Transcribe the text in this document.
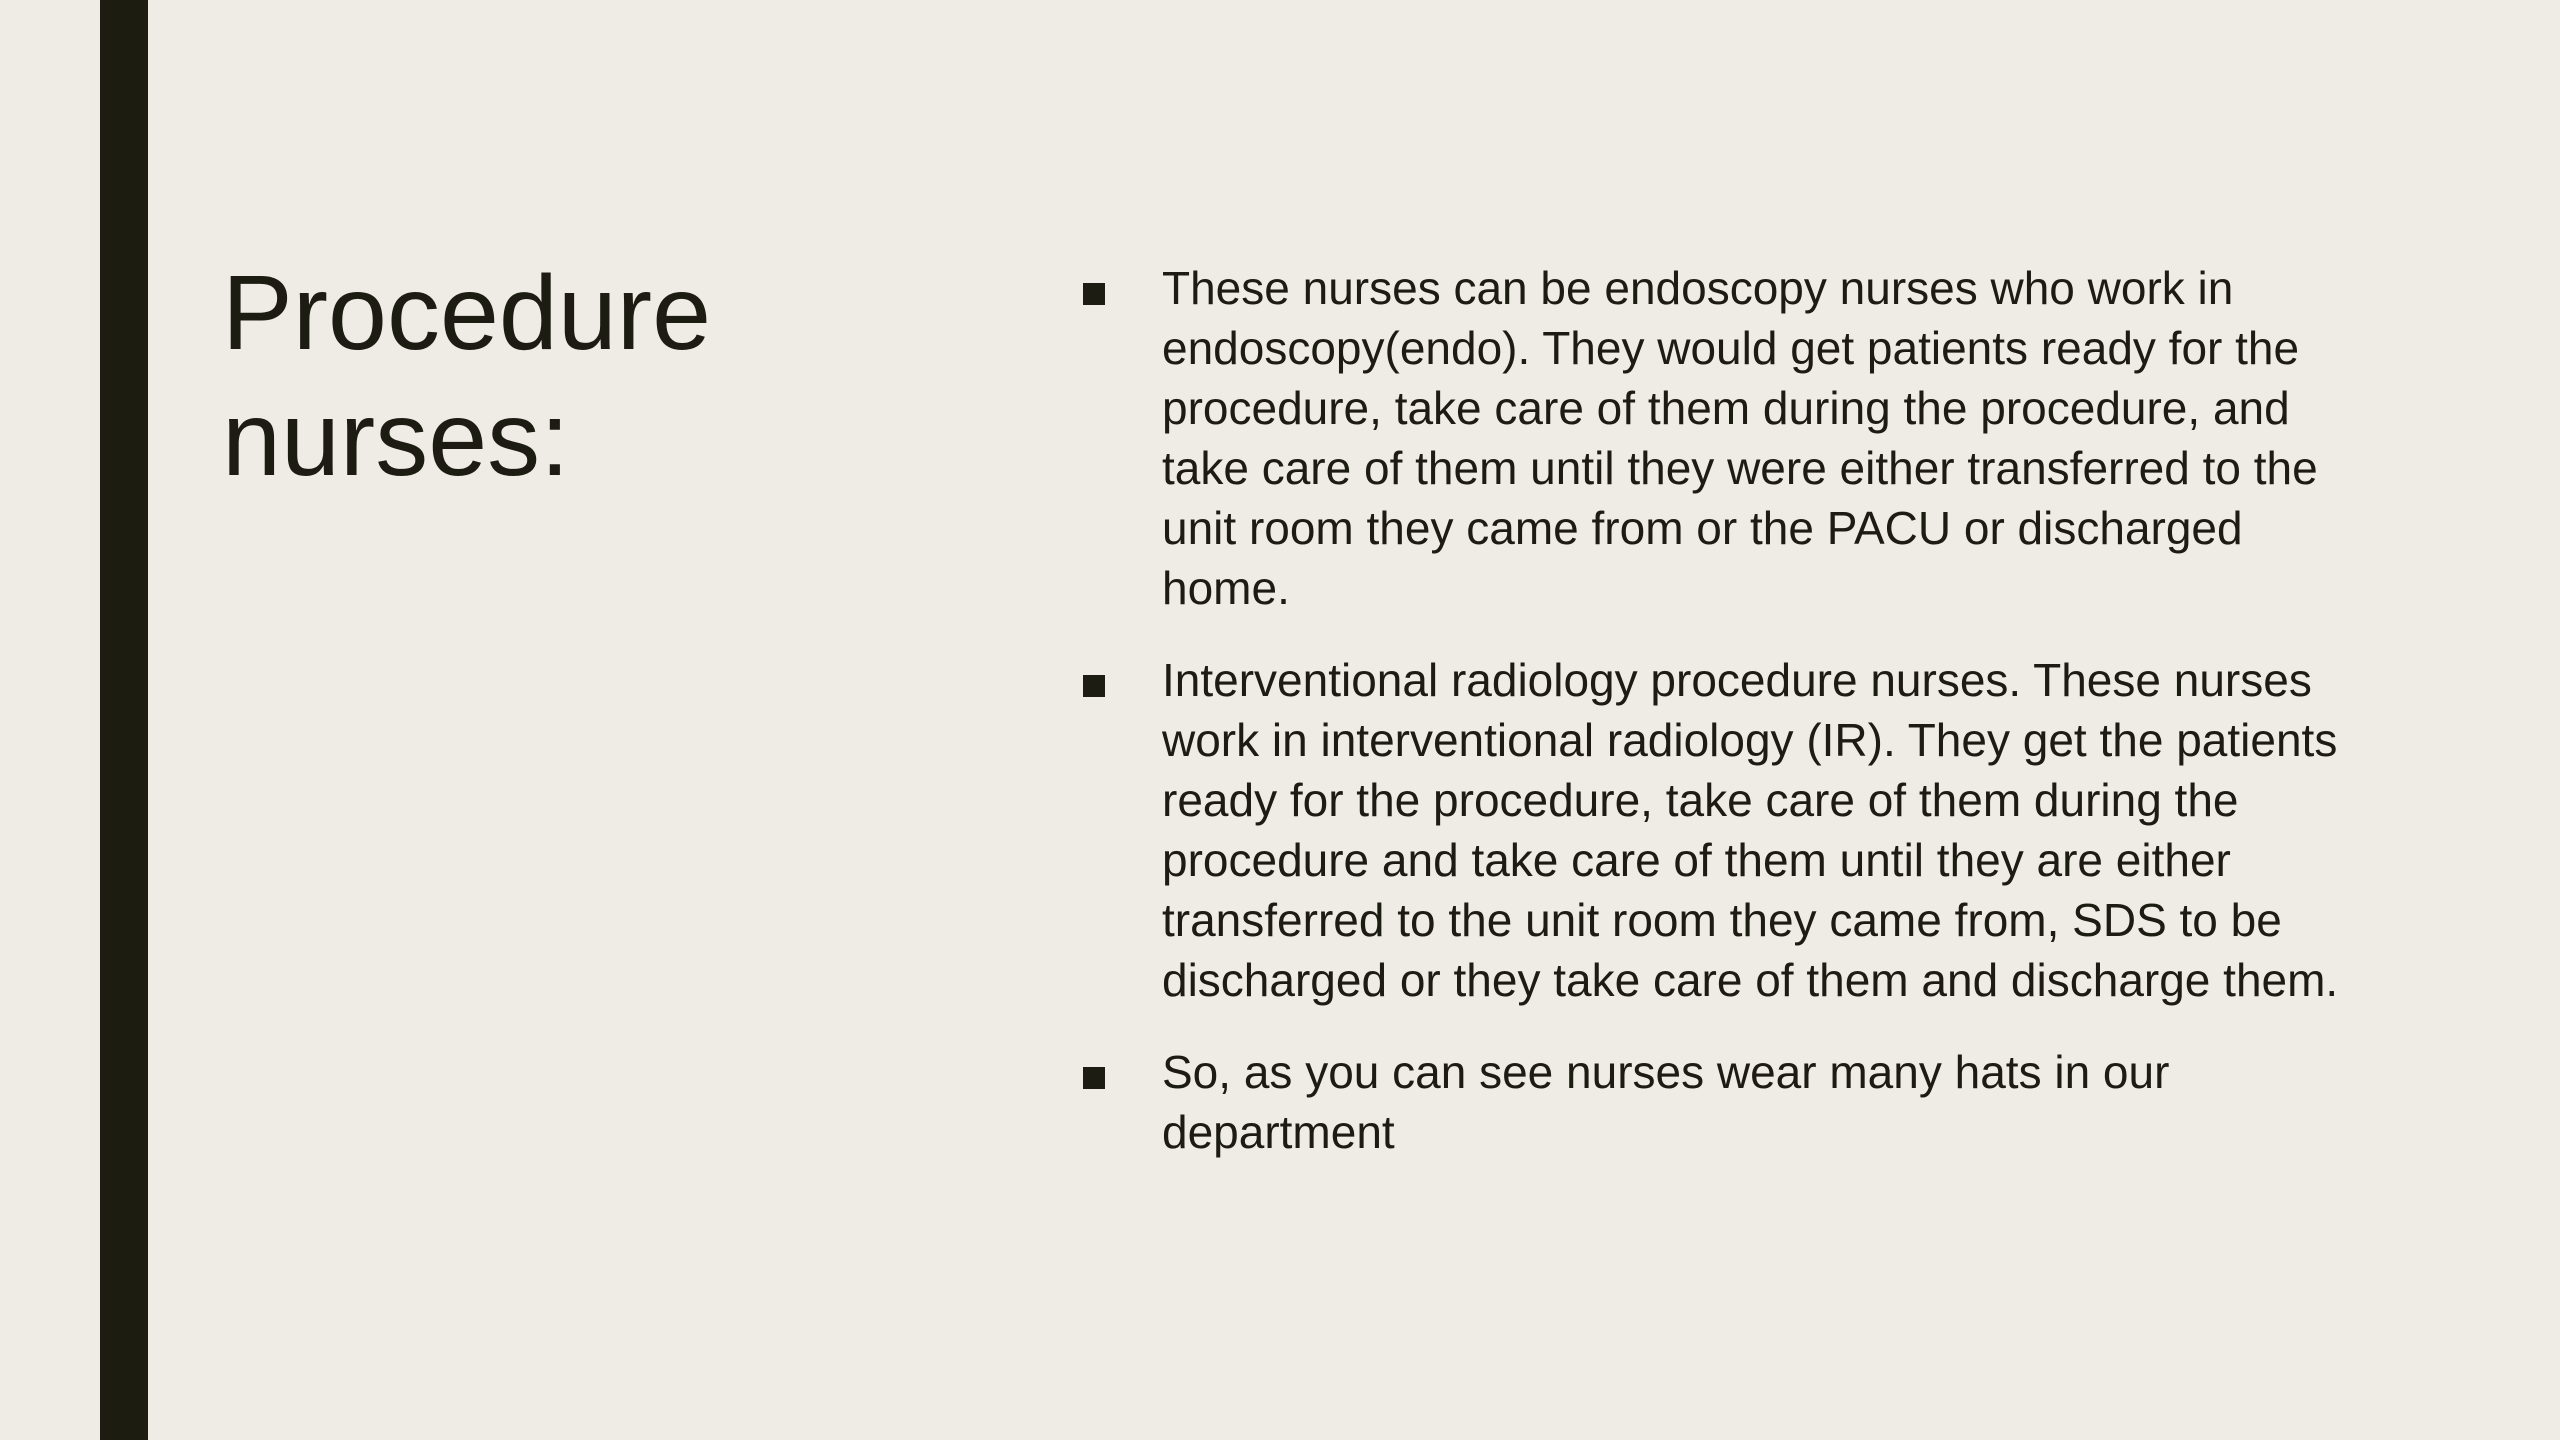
Procedure nurses:
These nurses can be endoscopy nurses who work in endoscopy(endo). They would get patients ready for the procedure, take care of them during the procedure, and take care of them until they were either transferred to the unit room they came from or the PACU or discharged home.
Interventional radiology procedure nurses. These nurses work in interventional radiology (IR). They get the patients ready for the procedure, take care of them during the procedure and take care of them until they are either transferred to the unit room they came from, SDS to be discharged or they take care of them and discharge them.
So, as you can see nurses wear many hats in our department
